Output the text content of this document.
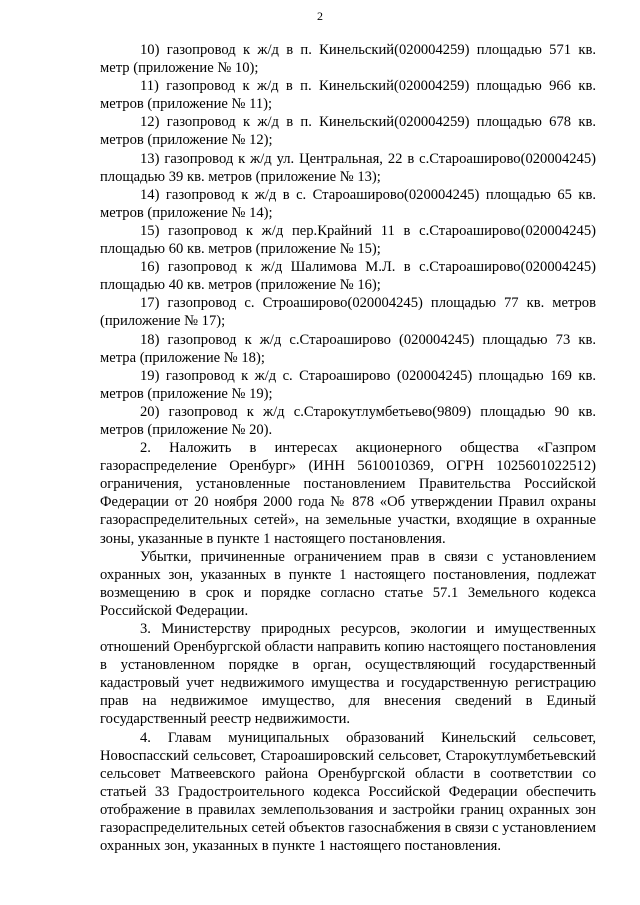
2

10) газопровод к ж/д в п. Кинельский(020004259) площадью 571 кв. метр (приложение № 10);

11) газопровод к ж/д в п. Кинельский(020004259) площадью 966 кв. метров (приложение № 11);

12) газопровод к ж/д в п. Кинельский(020004259) площадью 678 кв. метров (приложение № 12);

13) газопровод к ж/д ул. Центральная, 22 в с.Староаширово(020004245) площадью 39 кв. метров (приложение № 13);

14) газопровод к ж/д в с. Староаширово(020004245) площадью 65 кв. метров (приложение № 14);

15) газопровод к ж/д пер.Крайний 11 в с.Староаширово(020004245) площадью 60 кв. метров (приложение № 15);

16) газопровод к ж/д Шалимова М.Л. в с.Староаширово(020004245) площадью 40 кв. метров (приложение № 16);

17) газопровод с. Строаширово(020004245) площадью 77 кв. метров (приложение № 17);

18) газопровод к ж/д с.Староаширово (020004245) площадью 73 кв. метра (приложение № 18);

19) газопровод к ж/д с. Староаширово (020004245) площадью 169 кв. метров (приложение № 19);

20) газопровод к ж/д с.Старокутлумбетьево(9809) площадью 90 кв. метров (приложение № 20).

2. Наложить в интересах акционерного общества «Газпром газораспределение Оренбург» (ИНН 5610010369, ОГРН 1025601022512) ограничения, установленные постановлением Правительства Российской Федерации от 20 ноября 2000 года № 878 «Об утверждении Правил охраны газораспределительных сетей», на земельные участки, входящие в охранные зоны, указанные в пункте 1 настоящего постановления.

Убытки, причиненные ограничением прав в связи с установлением охранных зон, указанных в пункте 1 настоящего постановления, подлежат возмещению в срок и порядке согласно статье 57.1 Земельного кодекса Российской Федерации.

3. Министерству природных ресурсов, экологии и имущественных отношений Оренбургской области направить копию настоящего постановления в установленном порядке в орган, осуществляющий государственный кадастровый учет недвижимого имущества и государственную регистрацию прав на недвижимое имущество, для внесения сведений в Единый государственный реестр недвижимости.

4. Главам муниципальных образований Кинельский сельсовет, Новоспасский сельсовет, Староашировский сельсовет, Старокутлумбетьевский сельсовет Матвеевского района Оренбургской области в соответствии со статьей 33 Градостроительного кодекса Российской Федерации обеспечить отображение в правилах землепользования и застройки границ охранных зон газораспределительных сетей объектов газоснабжения в связи с установлением охранных зон, указанных в пункте 1 настоящего постановления.
